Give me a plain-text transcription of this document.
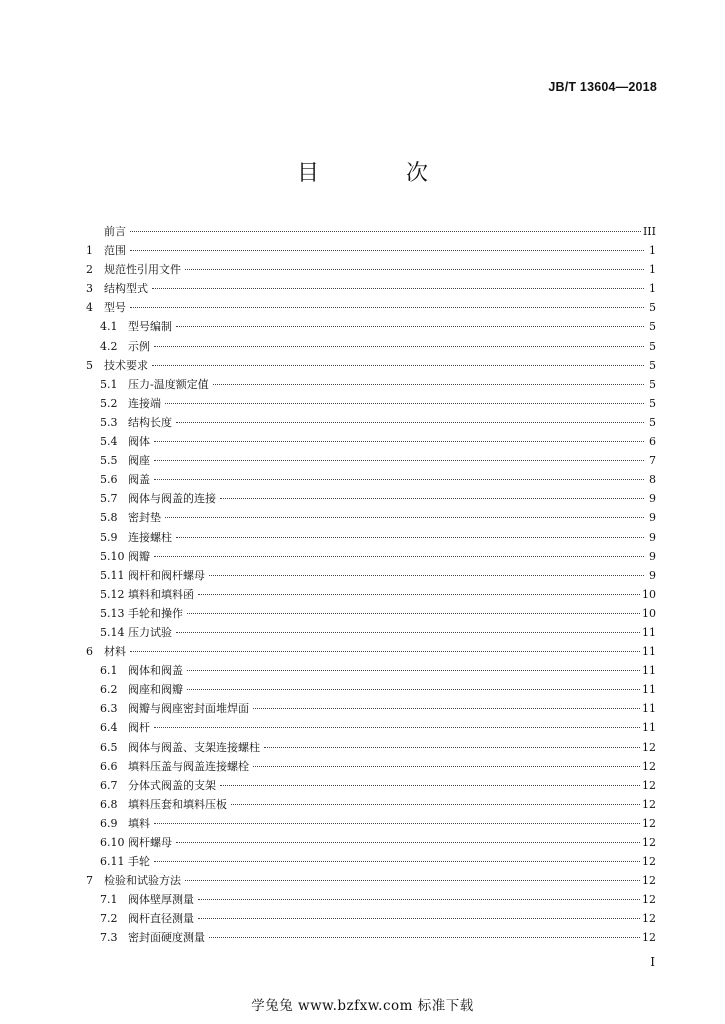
JB/T 13604—2018
目 次
前言	III
1	范围	1
2	规范性引用文件	1
3	结构型式	1
4	型号	5
4.1 型号编制	5
4.2 示例	5
5	技术要求	5
5.1 压力-温度额定值	5
5.2 连接端	5
5.3 结构长度	5
5.4 阀体	6
5.5 阀座	7
5.6 阀盖	8
5.7 阀体与阀盖的连接	9
5.8 密封垫	9
5.9 连接螺柱	9
5.10 阀瓣	9
5.11 阀杆和阀杆螺母	9
5.12 填料和填料函	10
5.13 手轮和操作	10
5.14 压力试验	11
6	材料	11
6.1 阀体和阀盖	11
6.2 阀座和阀瓣	11
6.3 阀瓣与阀座密封面堆焊面	11
6.4 阀杆	11
6.5 阀体与阀盖、支架连接螺柱	12
6.6 填料压盖与阀盖连接螺栓	12
6.7 分体式阀盖的支架	12
6.8 填料压套和填料压板	12
6.9 填料	12
6.10 阀杆螺母	12
6.11 手轮	12
7	检验和试验方法	12
7.1 阀体壁厚测量	12
7.2 阀杆直径测量	12
7.3 密封面硬度测量	12
I
学兔兔 www.bzfxw.com 标准下载
